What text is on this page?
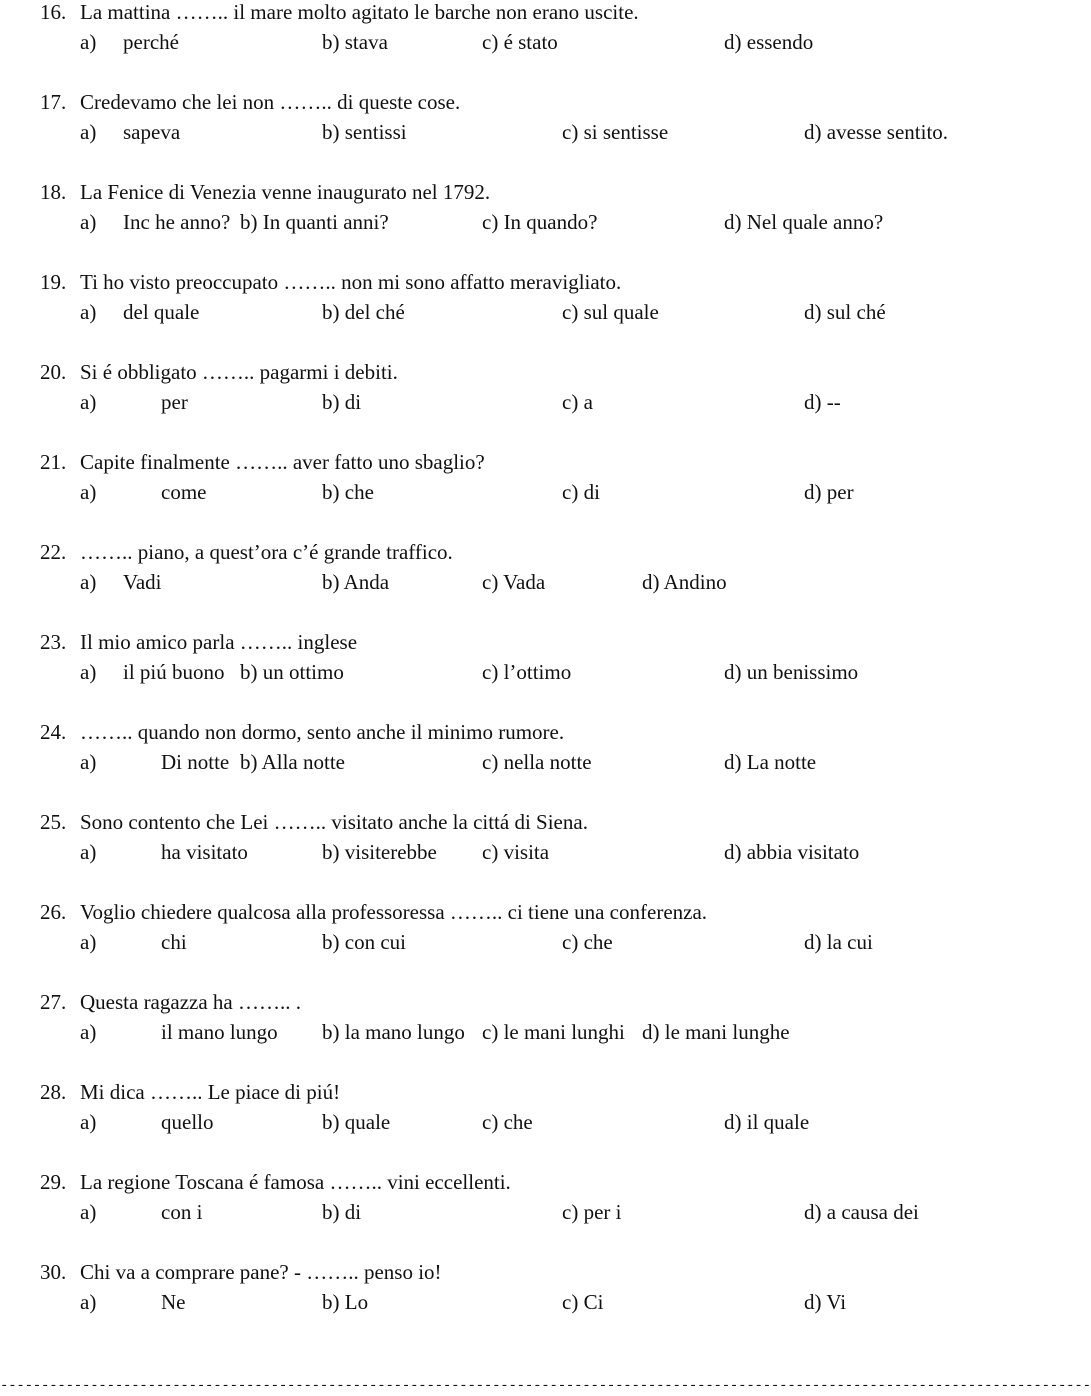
16. La mattina …….. il mare molto agitato le barche non erano uscite.
a) perché	b) stava	c) é stato	d) essendo
17. Credevamo che lei non …….. di queste cose.
a) sapeva	b) sentissi	c) si sentisse	d) avesse sentito.
18. La Fenice di Venezia venne inaugurato nel 1792.
a) Inc he anno? b) In quanti anni?	c) In quando?	d) Nel quale anno?
19. Ti ho visto preoccupato …….. non mi sono affatto meravigliato.
a) del quale	b) del ché	c) sul quale	d) sul ché
20. Si é obbligato …….. pagarmi i debiti.
a)	per	b) di	c) a	d) --
21. Capite finalmente …….. aver fatto uno sbaglio?
a)	come	b) che	c) di	d) per
22. …….. piano, a quest’ora c’é grande traffico.
a) Vadi	b) Anda	c) Vada	d) Andino
23. Il mio amico parla …….. inglese
a) il piú buono b) un ottimo	c) l’ottimo	d) un benissimo
24. …….. quando non dormo, sento anche il minimo rumore.
a)	Di notte b) Alla notte	c) nella notte	d) La notte
25. Sono contento che Lei …….. visitato anche la cittá di Siena.
a)	ha visitato	b) visiterebbe c) visita	d) abbia visitato
26. Voglio chiedere qualcosa alla professoressa …….. ci tiene una conferenza.
a)	chi	b) con cui	c) che	d) la cui
27. Questa ragazza ha …….. .
a)	il mano lungo b) la mano lungo c) le mani lunghi d) le mani lunghe
28. Mi dica …….. Le piace di piú!
a)	quello	b) quale	c) che	d) il quale
29. La regione Toscana é famosa …….. vini eccellenti.
a)	con i	b) di	c) per i	d) a causa dei
30. Chi va a comprare pane? - …….. penso io!
a)	Ne	b) Lo	c) Ci	d) Vi
-------------------------------------------------------------------------------------------------------------------------------------
